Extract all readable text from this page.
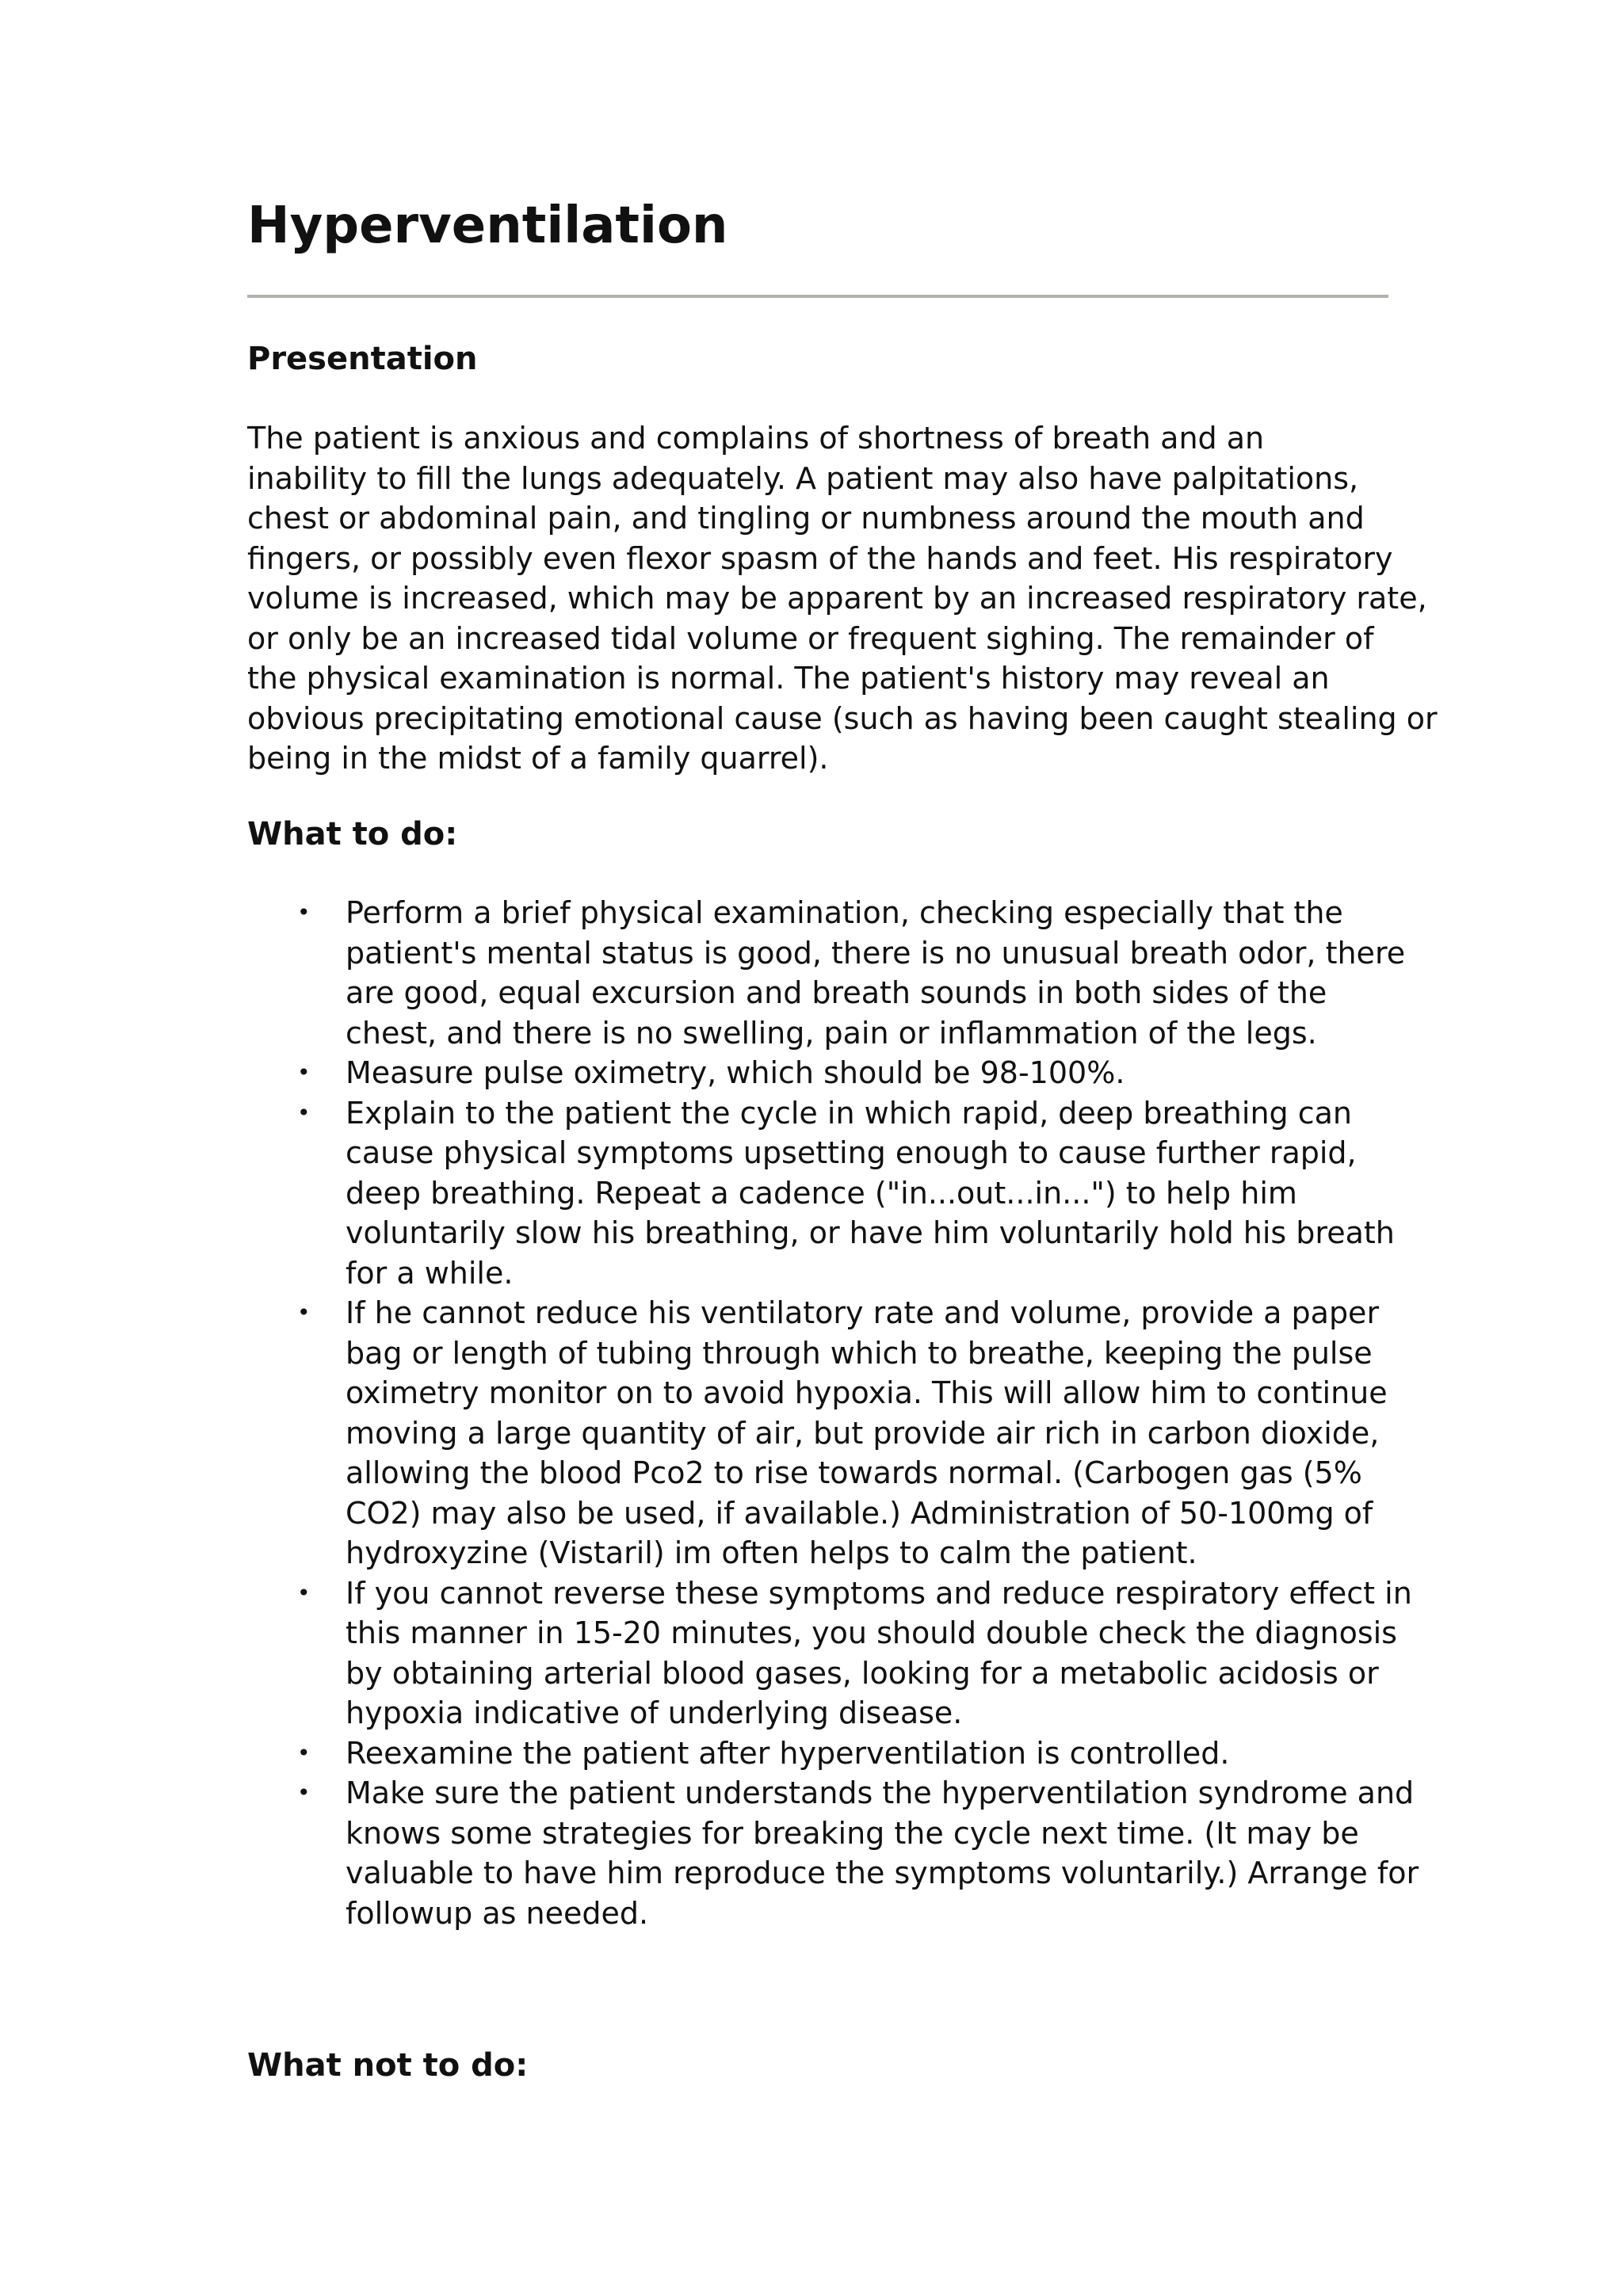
Hyperventilation
Presentation
The patient is anxious and complains of shortness of breath and an
inability to fill the lungs adequately. A patient may also have palpitations,
chest or abdominal pain, and tingling or numbness around the mouth and
fingers, or possibly even flexor spasm of the hands and feet. His respiratory
volume is increased, which may be apparent by an increased respiratory rate,
or only be an increased tidal volume or frequent sighing. The remainder of
the physical examination is normal. The patient's history may reveal an
obvious precipitating emotional cause (such as having been caught stealing or
being in the midst of a family quarrel).
What to do:
• Perform a brief physical examination, checking especially that the
patient's mental status is good, there is no unusual breath odor, there
are good, equal excursion and breath sounds in both sides of the
chest, and there is no swelling, pain or inflammation of the legs.
• Measure pulse oximetry, which should be 98-100%.
• Explain to the patient the cycle in which rapid, deep breathing can
cause physical symptoms upsetting enough to cause further rapid,
deep breathing. Repeat a cadence ("in...out...in...") to help him
voluntarily slow his breathing, or have him voluntarily hold his breath
for a while.
• If he cannot reduce his ventilatory rate and volume, provide a paper
bag or length of tubing through which to breathe, keeping the pulse
oximetry monitor on to avoid hypoxia. This will allow him to continue
moving a large quantity of air, but provide air rich in carbon dioxide,
allowing the blood Pco2 to rise towards normal. (Carbogen gas (5%
CO2) may also be used, if available.) Administration of 50-100mg of
hydroxyzine (Vistaril) im often helps to calm the patient.
• If you cannot reverse these symptoms and reduce respiratory effect in
this manner in 15-20 minutes, you should double check the diagnosis
by obtaining arterial blood gases, looking for a metabolic acidosis or
hypoxia indicative of underlying disease.
• Reexamine the patient after hyperventilation is controlled.
• Make sure the patient understands the hyperventilation syndrome and
knows some strategies for breaking the cycle next time. (It may be
valuable to have him reproduce the symptoms voluntarily.) Arrange for
followup as needed.
What not to do:
